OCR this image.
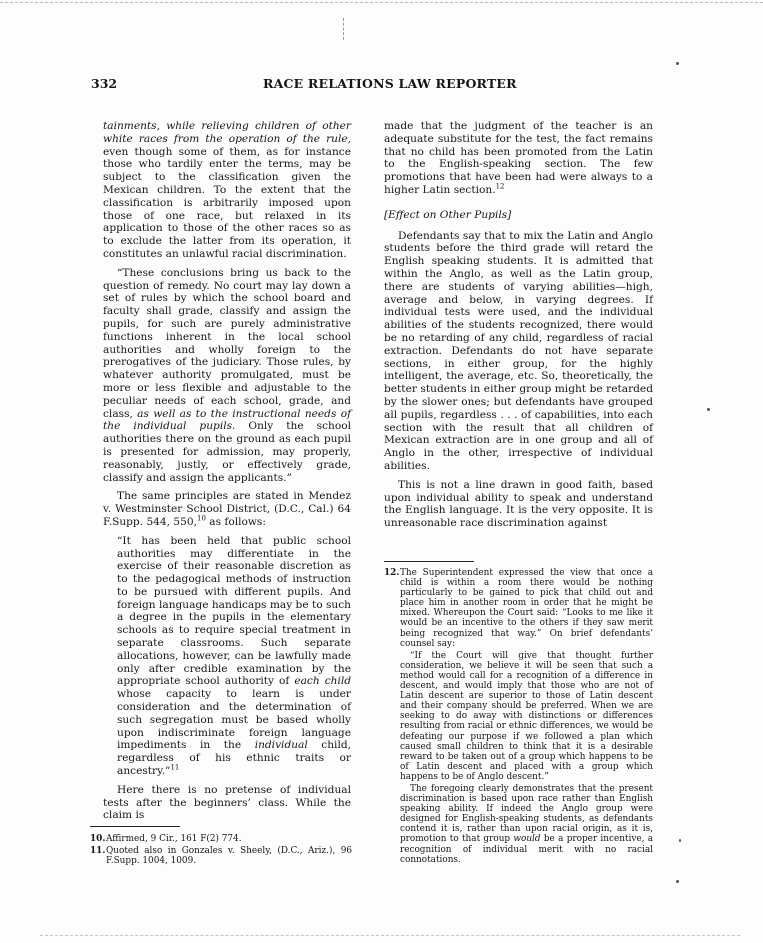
332	RACE RELATIONS LAW REPORTER

tainments, while relieving children of other white races from the operation of the rule, even though some of them, as for instance those who tardily enter the terms, may be subject to the classification given the Mexican children. To the extent that the classification is arbitrarily imposed upon those of one race, but relaxed in its application to those of the other races so as to exclude the latter from its operation, it constitutes an unlawful racial discrimination.

“These conclusions bring us back to the question of remedy. No court may lay down a set of rules by which the school board and faculty shall grade, classify and assign the pupils, for such are purely administrative functions inherent in the local school authorities and wholly foreign to the prerogatives of the judiciary. Those rules, by whatever authority promulgated, must be more or less flexible and adjustable to the peculiar needs of each school, grade, and class, as well as to the instructional needs of the individual pupils. Only the school authorities there on the ground as each pupil is presented for admission, may properly, reasonably, justly, or effectively grade, classify and assign the applicants.”

The same principles are stated in Mendez v. Westminster School District, (D.C., Cal.) 64 F.Supp. 544, 550,10 as follows:

“It has been held that public school authorities may differentiate in the exercise of their reasonable discretion as to the pedagogical methods of instruction to be pursued with different pupils. And foreign language handicaps may be to such a degree in the pupils in the elementary schools as to require special treatment in separate classrooms. Such separate allocations, however, can be lawfully made only after credible examination by the appropriate school authority of each child whose capacity to learn is under consideration and the determination of such segregation must be based wholly upon indiscriminate foreign language impediments in the individual child, regardless of his ethnic traits or ancestry.”$^{11}$

Here there is no pretense of individual tests after the beginners’ class. While the claim is

10. Affirmed, 9 Cir., 161 F(2) 774.
11. Quoted also in Gonzales v. Sheely, (D.C., Ariz.), 96 F.Supp. 1004, 1009.

made that the judgment of the teacher is an adequate substitute for the test, the fact remains that no child has been promoted from the Latin to the English-speaking section. The few promotions that have been had were always to a higher Latin section.$^{12}$

[Effect on Other Pupils]

Defendants say that to mix the Latin and Anglo students before the third grade will retard the English speaking students. It is admitted that within the Anglo, as well as the Latin group, there are students of varying abilities—high, average and below, in varying degrees. If individual tests were used, and the individual abilities of the students recognized, there would be no retarding of any child, regardless of racial extraction. Defendants do not have separate sections, in either group, for the highly intelligent, the average, etc. So, theoretically, the better students in either group might be retarded by the slower ones; but defendants have grouped all pupils, regardless . . . of capabilities, into each section with the result that all children of Mexican extraction are in one group and all of Anglo in the other, irrespective of individual abilities.

This is not a line drawn in good faith, based upon individual ability to speak and understand the English language. It is the very opposite. It is unreasonable race discrimination against

12. The Superintendent expressed the view that once a child is within a room there would be nothing particularly to be gained to pick that child out and place him in another room in order that he might be mixed. Whereupon the Court said: “Looks to me like it would be an incentive to the others if they saw merit being recognized that way.” On brief defendants’ counsel say:

“If the Court will give that thought further consideration, we believe it will be seen that such a method would call for a recognition of a difference in descent, and would imply that those who are not of Latin descent are superior to those of Latin descent and their company should be preferred. When we are seeking to do away with distinctions or differences resulting from racial or ethnic differences, we would be defeating our purpose if we followed a plan which caused small children to think that it is a desirable reward to be taken out of a group which happens to be of Latin descent and placed with a group which happens to be of Anglo descent.”

The foregoing clearly demonstrates that the present discrimination is based upon race rather than English speaking ability. If indeed the Anglo group were designed for English-speaking students, as defendants contend it is, rather than upon racial origin, as it is, promotion to that group would be a proper incentive, a recognition of individual merit with no racial connotations.
